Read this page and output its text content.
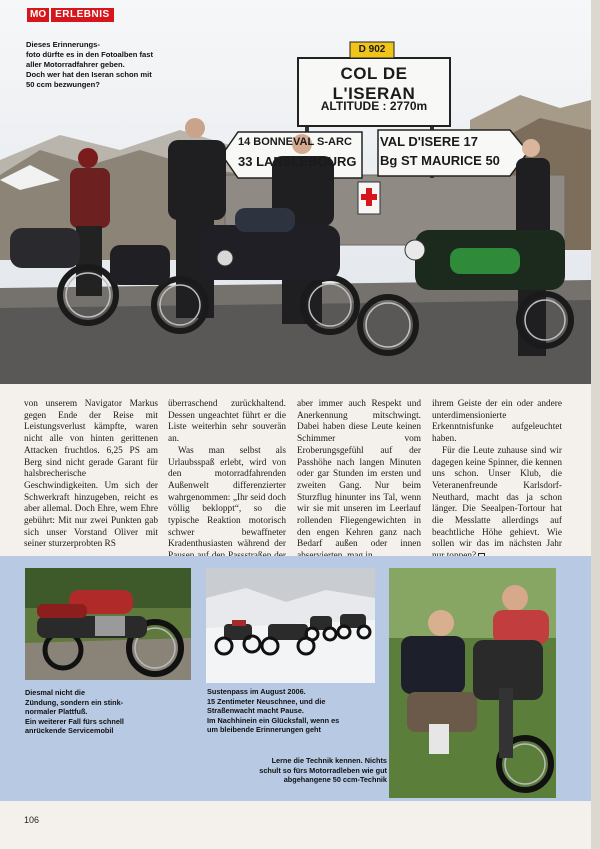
D 902
COL DE L'ISERAN
ALTITUDE : 2770m
14 BONNEVAL S-ARC
33 LANSLEBOURG
VAL D'ISERE 17
Bg ST MAURICE 50
MO ERLEBNIS
Dieses Erinnerungs-
foto dürfte es in den Fotoalben fast
aller Motorradfahrer geben.
Doch wer hat den Iseran schon mit
50 ccm bezwungen?

von unserem Navigator Markus gegen Ende der Reise mit Leistungsverlust kämpfte, waren nicht alle von hinten gerittenen Attacken fruchtlos. 6,25 PS am Berg sind nicht gerade Garant für halsbrecherische Geschwindigkeiten. Um sich der Schwerkraft hinzugeben, reicht es aber allemal. Doch Ehre, wem Ehre gebührt: Mit nur zwei Punkten gab sich unser Vorstand Oliver mit seiner sturzerprobten RS

überraschend zurückhaltend. Dessen ungeachtet führt er die Liste weiterhin sehr souverän an.

Was man selbst als Urlaubsspaß erlebt, wird von den motorradfahrenden Außenwelt differenzierter wahrgenommen: „Ihr seid doch völlig bekloppt“, so die typische Reaktion motorisch schwer bewaffneter Kradenthusiasten während der

aber immer auch Respekt und Anerkennung mitschwingt. Dabei haben diese Leute keinen Schimmer vom Eroberungsgefühl auf der Passhöhe nach langen Minuten oder gar Stunden im ersten und zweiten Gang. Nur beim Sturzflug hinunter ins Tal, wenn wir sie mit unseren im Leerlauf rollenden Fliegengewichten in den engen Kehren ganz nach Bedarf außen oder innen

ihrem Geiste der ein oder andere unterdimensionierte Erkenntnisfunke aufgeleuchtet haben.

Für die Leute zuhause sind wir dagegen keine Spinner, die kennen uns schon. Unser Klub, die Veteranenfreunde Karlsdorf-Neuthard, macht das ja schon länger. Die Seealpen-Tortour hat die Messlatte allerdings auf beachtliche Höhe gehievt. Wie sollen wir das im nächsten Jahr

Diesmal nicht die
Zündung, sondern ein stink-
normaler Plattfuß.
Ein weiterer Fall fürs schnell
anrückende Servicemobil
Sustenpass im August 2006.
15 Zentimeter Neuschnee, und die
Straßenwacht macht Pause.
Im Nachhinein ein Glücksfall, wenn es
um bleibende Erinnerungen geht
Lerne die Technik kennen. Nichts
schult so fürs Motorradleben wie gut
abgehangene 50 ccm-Technik
106
